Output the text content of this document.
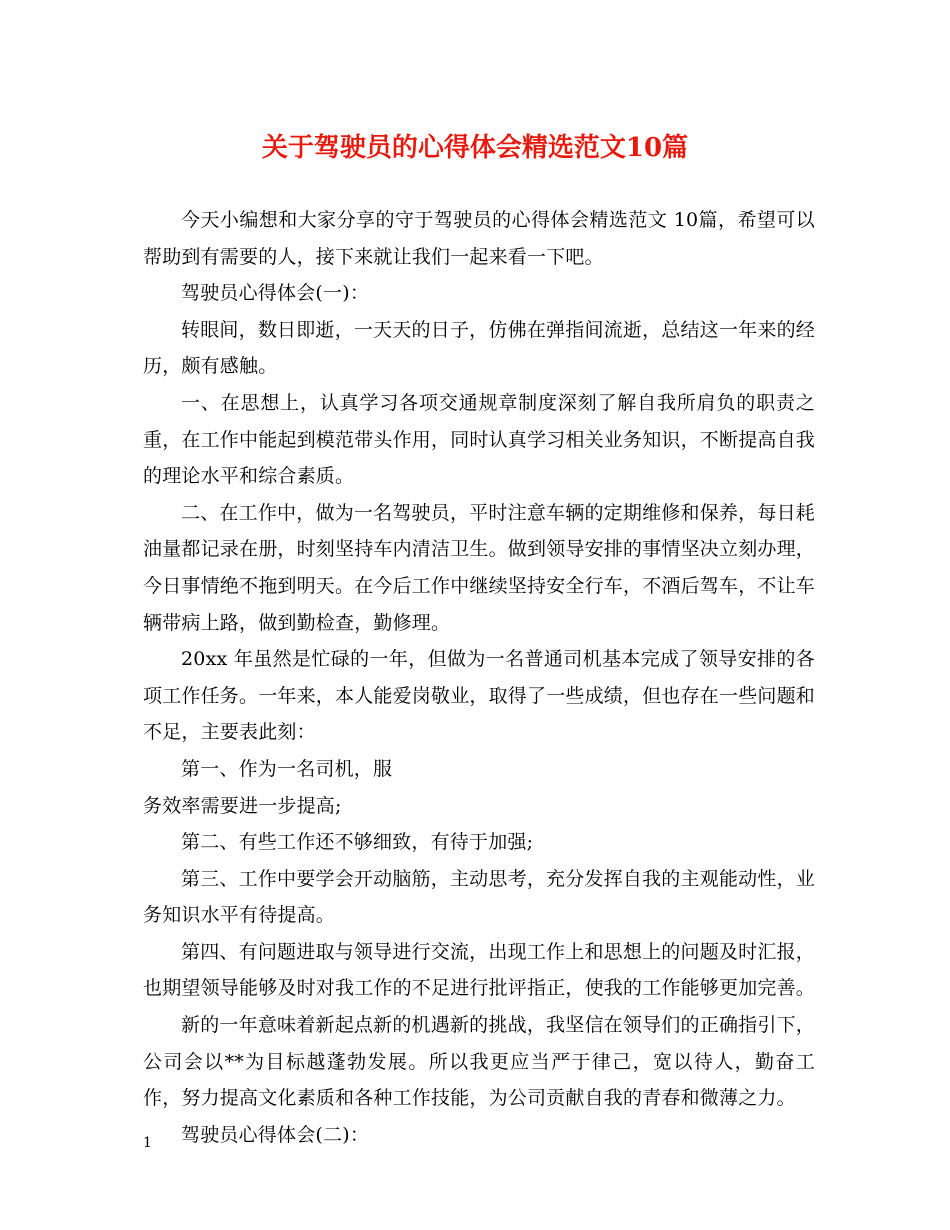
关于驾驶员的心得体会精选范文10篇

今天小编想和大家分享的守于驾驶员的心得体会精选范文 10篇，希望可以帮助到有需要的人，接下来就让我们一起来看一下吧。

驾驶员心得体会(一)：

转眼间，数日即逝，一天天的日子，仿佛在弹指间流逝，总结这一年来的经历，颇有感触。

一、在思想上，认真学习各项交通规章制度深刻了解自我所肩负的职责之重，在工作中能起到模范带头作用，同时认真学习相关业务知识，不断提高自我的理论水平和综合素质。

二、在工作中，做为一名驾驶员，平时注意车辆的定期维修和保养，每日耗油量都记录在册，时刻坚持车内清洁卫生。做到领导安排的事情坚决立刻办理，今日事情绝不拖到明天。在今后工作中继续坚持安全行车，不酒后驾车，不让车辆带病上路，做到勤检查，勤修理。

20xx 年虽然是忙碌的一年，但做为一名普通司机基本完成了领导安排的各项工作任务。一年来，本人能爱岗敬业，取得了一些成绩，但也存在一些问题和不足，主要表此刻：

第一、作为一名司机，服

务效率需要进一步提高;

第二、有些工作还不够细致，有待于加强;

第三、工作中要学会开动脑筋，主动思考，充分发挥自我的主观能动性，业务知识水平有待提高。

第四、有问题进取与领导进行交流，出现工作上和思想上的问题及时汇报，也期望领导能够及时对我工作的不足进行批评指正，使我的工作能够更加完善。

新的一年意味着新起点新的机遇新的挑战，我坚信在领导们的正确指引下，公司会以**为目标越蓬勃发展。所以我更应当严于律己，宽以待人，勤奋工作，努力提高文化素质和各种工作技能，为公司贡献自我的青春和微薄之力。

驾驶员心得体会(二)：

1
